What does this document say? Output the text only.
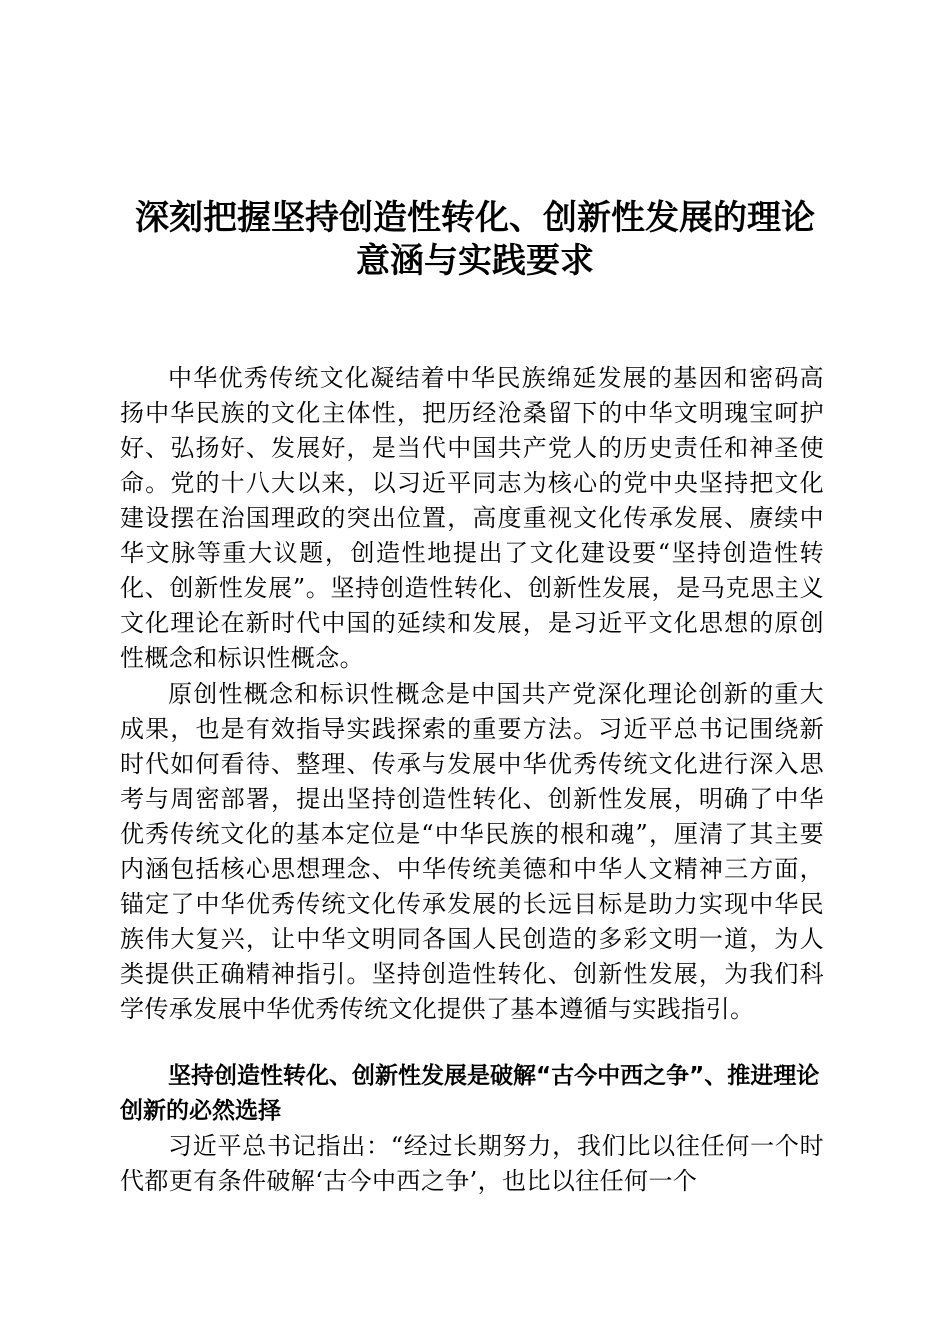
深刻把握坚持创造性转化、创新性发展的理论
意涵与实践要求

中华优秀传统文化凝结着中华民族绵延发展的基因和密码高扬中华民族的文化主体性，把历经沧桑留下的中华文明瑰宝呵护好、弘扬好、发展好，是当代中国共产党人的历史责任和神圣使命。党的十八大以来，以习近平同志为核心的党中央坚持把文化建设摆在治国理政的突出位置，高度重视文化传承发展、赓续中华文脉等重大议题，创造性地提出了文化建设要“坚持创造性转化、创新性发展”。坚持创造性转化、创新性发展，是马克思主义文化理论在新时代中国的延续和发展，是习近平文化思想的原创性概念和标识性概念。

原创性概念和标识性概念是中国共产党深化理论创新的重大成果，也是有效指导实践探索的重要方法。习近平总书记围绕新时代如何看待、整理、传承与发展中华优秀传统文化进行深入思考与周密部署，提出坚持创造性转化、创新性发展，明确了中华优秀传统文化的基本定位是“中华民族的根和魂”，厘清了其主要内涵包括核心思想理念、中华传统美德和中华人文精神三方面，锚定了中华优秀传统文化传承发展的长远目标是助力实现中华民族伟大复兴，让中华文明同各国人民创造的多彩文明一道，为人类提供正确精神指引。坚持创造性转化、创新性发展，为我们科学传承发展中华优秀传统文化提供了基本遵循与实践指引。

坚持创造性转化、创新性发展是破解“古今中西之争”、推进理论创新的必然选择

习近平总书记指出：“经过长期努力，我们比以往任何一个时代都更有条件破解‘古今中西之争’，也比以往任何一个
